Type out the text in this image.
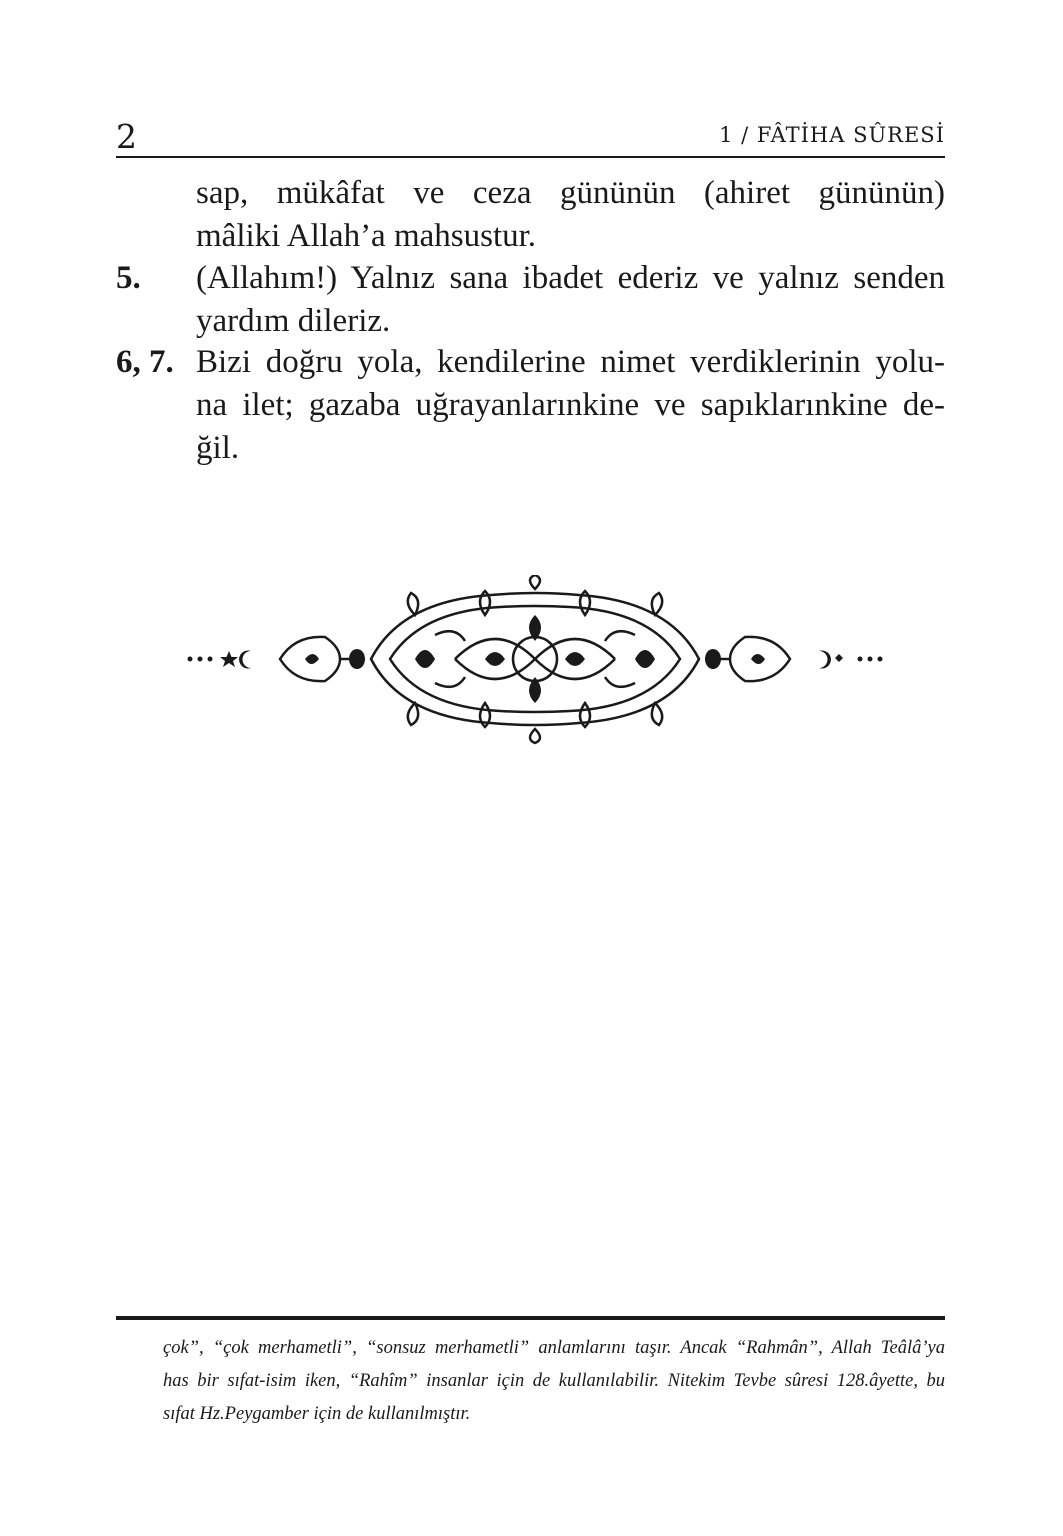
2	1 / FÂTİHA SÛRESİ
sap, mükâfat ve ceza gününün (ahiret gününün)
mâliki Allah’a mahsustur.
5. (Allahım!) Yalnız sana ibadet ederiz ve yalnız senden
yardım dileriz.
6, 7. Bizi doğru yola, kendilerine nimet verdiklerinin yolu-
na ilet; gazaba uğrayanlarınkine ve sapıklarınkine de-
ğil.
çok”, “çok merhametli”, “sonsuz merhametli” anlamlarını taşır. Ancak “Rahmân”, Allah Teâlâ’ya
has bir sıfat-isim iken, “Rahîm” insanlar için de kullanılabilir. Nitekim Tevbe sûresi 128.âyette, bu
sıfat Hz.Peygamber için de kullanılmıştır.
